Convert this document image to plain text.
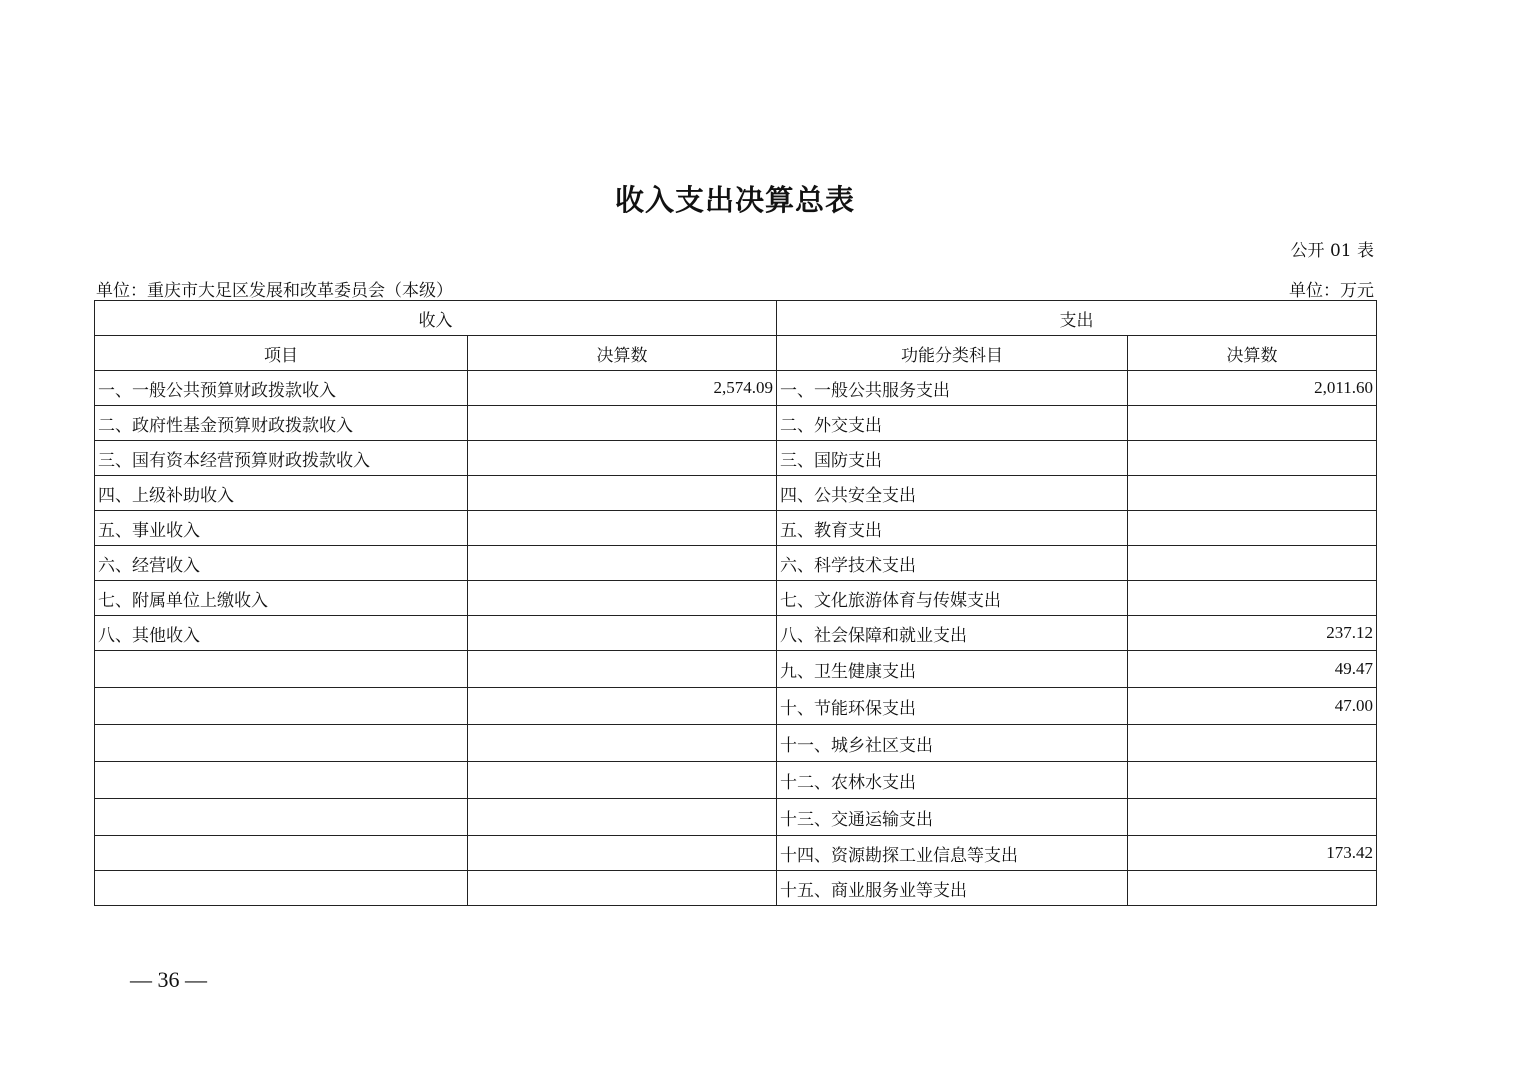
收入支出决算总表
公开 01 表
单位：重庆市大足区发展和改革委员会（本级）	单位：万元
收入		支出	
项目	决算数	功能分类科目	决算数
一、一般公共预算财政拨款收入	2,574.09	一、一般公共服务支出	2,011.60
二、政府性基金预算财政拨款收入		二、外交支出	
三、国有资本经营预算财政拨款收入		三、国防支出	
四、上级补助收入		四、公共安全支出	
五、事业收入		五、教育支出	
六、经营收入		六、科学技术支出	
七、附属单位上缴收入		七、文化旅游体育与传媒支出	
八、其他收入		八、社会保障和就业支出	237.12
		九、卫生健康支出	49.47
		十、节能环保支出	47.00
		十一、城乡社区支出	
		十二、农林水支出	
		十三、交通运输支出	
		十四、资源勘探工业信息等支出	173.42
		十五、商业服务业等支出	
— 36 —
